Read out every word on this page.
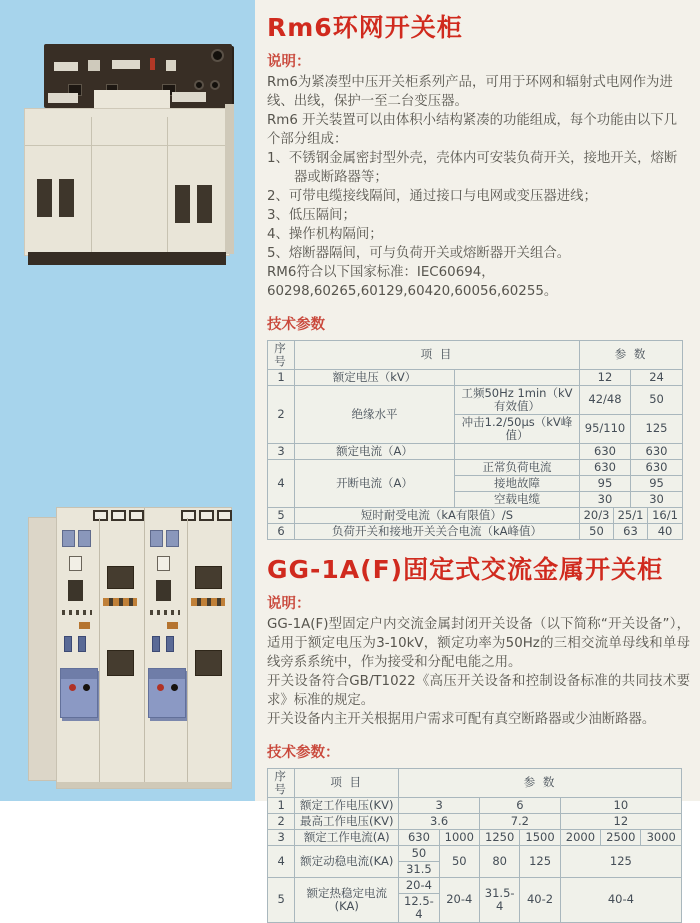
Rm6环网开关柜
说明：

Rm6为紧凑型中压开关柜系列产品，可用于环网和辐射式电网作为进线、出线，保护一至二台变压器。

Rm6 开关装置可以由体积小结构紧凑的功能组成，每个功能由以下几个部分组成：

1、不锈钢金属密封型外壳，壳体内可安装负荷开关，接地开关，熔断器或断路器等；

2、可带电缆接线隔间，通过接口与电网或变压器进线；

3、低压隔间；

4、操作机构隔间；

5、熔断器隔间，可与负荷开关或熔断器开关组合。

RM6符合以下国家标准：IEC60694，60298,60265,60129,60420,60056,60255。

技术参数
序号	项 目		参 数			
1	额定电压（kV）		12		24	
2	绝缘水平	工频50Hz 1min（kV有效值）	42/48		50	
		冲击1.2/50μs（kV峰值）	95/110		125	
3	额定电流（A）		630		630	
4	开断电流（A）	正常负荷电流	630		630	
		接地故障	95		95	
		空载电缆	30		30	
5	短时耐受电流（kA有限值）/S		20/3	25/1		16/1
6	负荷开关和接地开关关合电流（kA峰值）		50	63		40
GG-1A(F)固定式交流金属开关柜
说明：

GG-1A(F)型固定户内交流金属封闭开关设备（以下简称“开关设备”），适用于额定电压为3-10kV，额定功率为50Hz的三相交流单母线和单母线旁系系统中，作为接受和分配电能之用。

开关设备符合GB/T1022《高压开关设备和控制设备标准的共同技术要求》标准的规定。

开关设备内主开关根据用户需求可配有真空断路器或少油断路器。

技术参数：
序号	项 目	参 数						
1	额定工作电压(KV)	3		6		10		
2	最高工作电压(KV)	3.6		7.2		12		
3	额定工作电流(A)	630	1000	1250	1500	2000	2500	3000
4	额定动稳电流(KA)	50	50	80	125	125		
		31.5						
5	额定热稳定电流(KA)	20-4	20-4	31.5-4	40-2	40-4		
		12.5-4						
